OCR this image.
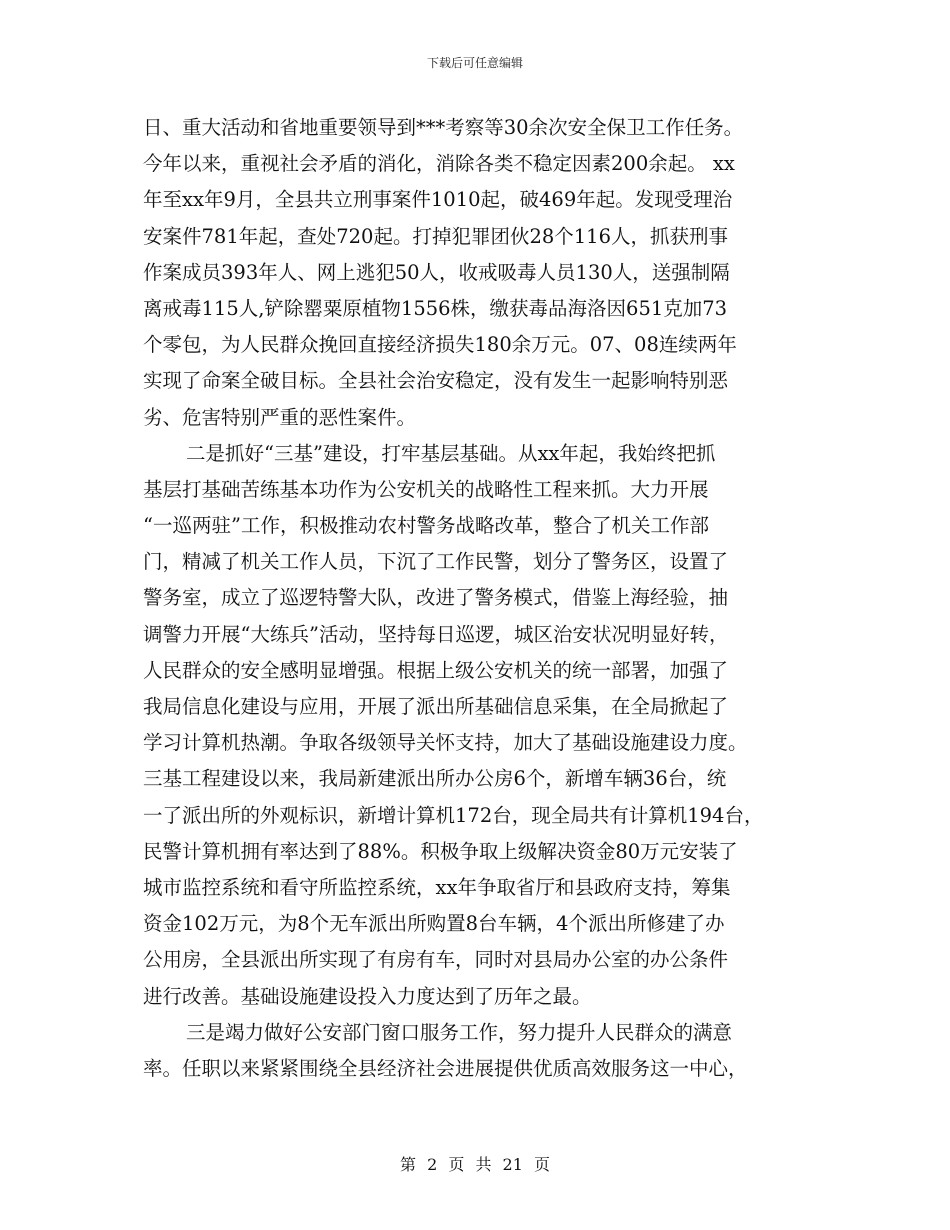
下载后可任意编辑
日、重大活动和省地重要领导到***考察等30余次安全保卫工作任务。
今年以来，重视社会矛盾的消化，消除各类不稳定因素200余起。 xx
年至xx年9月，全县共立刑事案件1010起，破469年起。发现受理治
安案件781年起，查处720起。打掉犯罪团伙28个116人，抓获刑事
作案成员393年人、网上逃犯50人，收戒吸毒人员130人，送强制隔
离戒毒115人,铲除罂粟原植物1556株，缴获毒品海洛因651克加73
个零包，为人民群众挽回直接经济损失180余万元。07、08连续两年
实现了命案全破目标。全县社会治安稳定，没有发生一起影响特别恶
劣、危害特别严重的恶性案件。
二是抓好“三基”建设，打牢基层基础。从xx年起，我始终把抓
基层打基础苦练基本功作为公安机关的战略性工程来抓。大力开展
“一巡两驻”工作，积极推动农村警务战略改革，整合了机关工作部
门，精减了机关工作人员，下沉了工作民警，划分了警务区，设置了
警务室，成立了巡逻特警大队，改进了警务模式，借鉴上海经验，抽
调警力开展“大练兵”活动，坚持每日巡逻，城区治安状况明显好转，
人民群众的安全感明显增强。根据上级公安机关的统一部署，加强了
我局信息化建设与应用，开展了派出所基础信息采集，在全局掀起了
学习计算机热潮。争取各级领导关怀支持，加大了基础设施建设力度。
三基工程建设以来，我局新建派出所办公房6个，新增车辆36台，统
一了派出所的外观标识，新增计算机172台，现全局共有计算机194台，
民警计算机拥有率达到了88%。积极争取上级解决资金80万元安装了
城市监控系统和看守所监控系统，xx年争取省厅和县政府支持，筹集
资金102万元，为8个无车派出所购置8台车辆，4个派出所修建了办
公用房，全县派出所实现了有房有车，同时对县局办公室的办公条件
进行改善。基础设施建设投入力度达到了历年之最。
三是竭力做好公安部门窗口服务工作，努力提升人民群众的满意
率。任职以来紧紧围绕全县经济社会进展提供优质高效服务这一中心，
第 2 页 共 21 页
